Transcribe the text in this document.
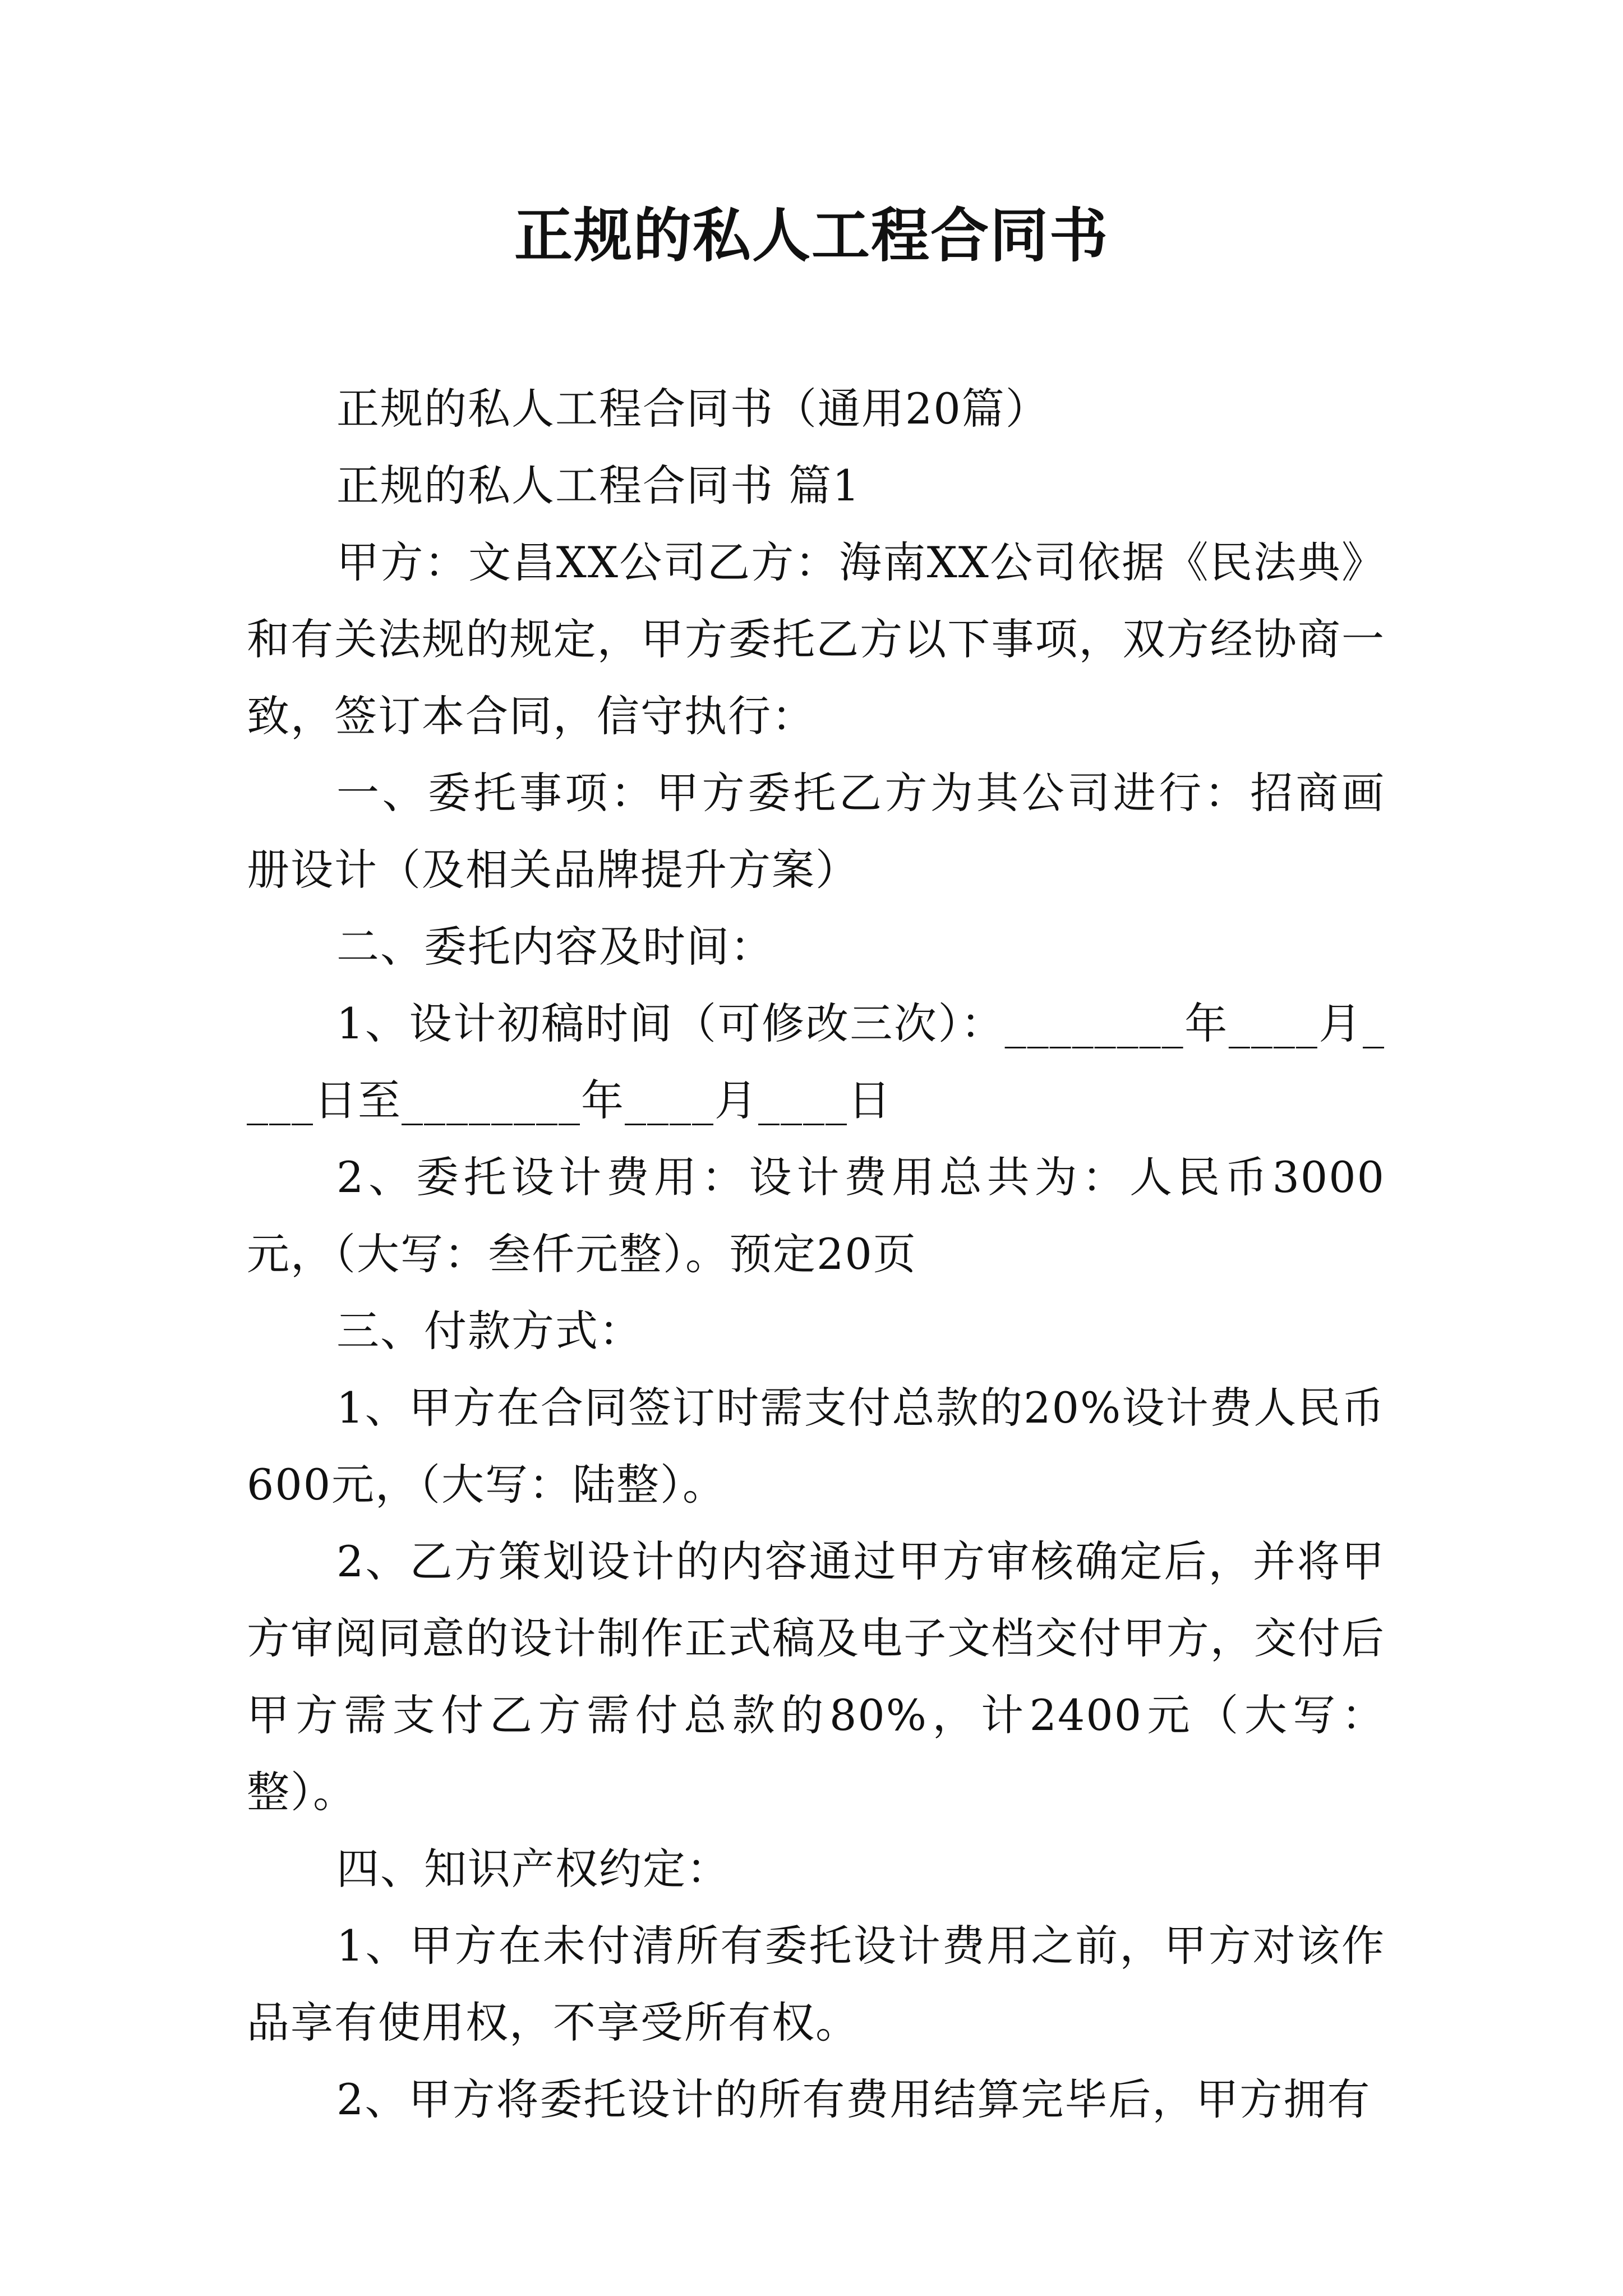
正规的私人工程合同书

正规的私人工程合同书（通用20篇）

正规的私人工程合同书 篇1

甲方：文昌XX公司乙方：海南XX公司依据《民法典》和有关法规的规定，甲方委托乙方以下事项，双方经协商一致，签订本合同，信守执行：

一、委托事项：甲方委托乙方为其公司进行：招商画册设计（及相关品牌提升方案）

二、委托内容及时间：

1、设计初稿时间（可修改三次）：________年____月____日至________年____月____日

2、委托设计费用：设计费用总共为：人民币3000元，（大写：叁仟元整）。预定20页

三、付款方式：

1、甲方在合同签订时需支付总款的20%设计费人民币600元，（大写：陆整）。

2、乙方策划设计的内容通过甲方审核确定后，并将甲方审阅同意的设计制作正式稿及电子文档交付甲方，交付后甲方需支付乙方需付总款的80%，计2400元（大写：整）。

四、知识产权约定：

1、甲方在未付清所有委托设计费用之前，甲方对该作品享有使用权，不享受所有权。

2、甲方将委托设计的所有费用结算完毕后，甲方拥有
